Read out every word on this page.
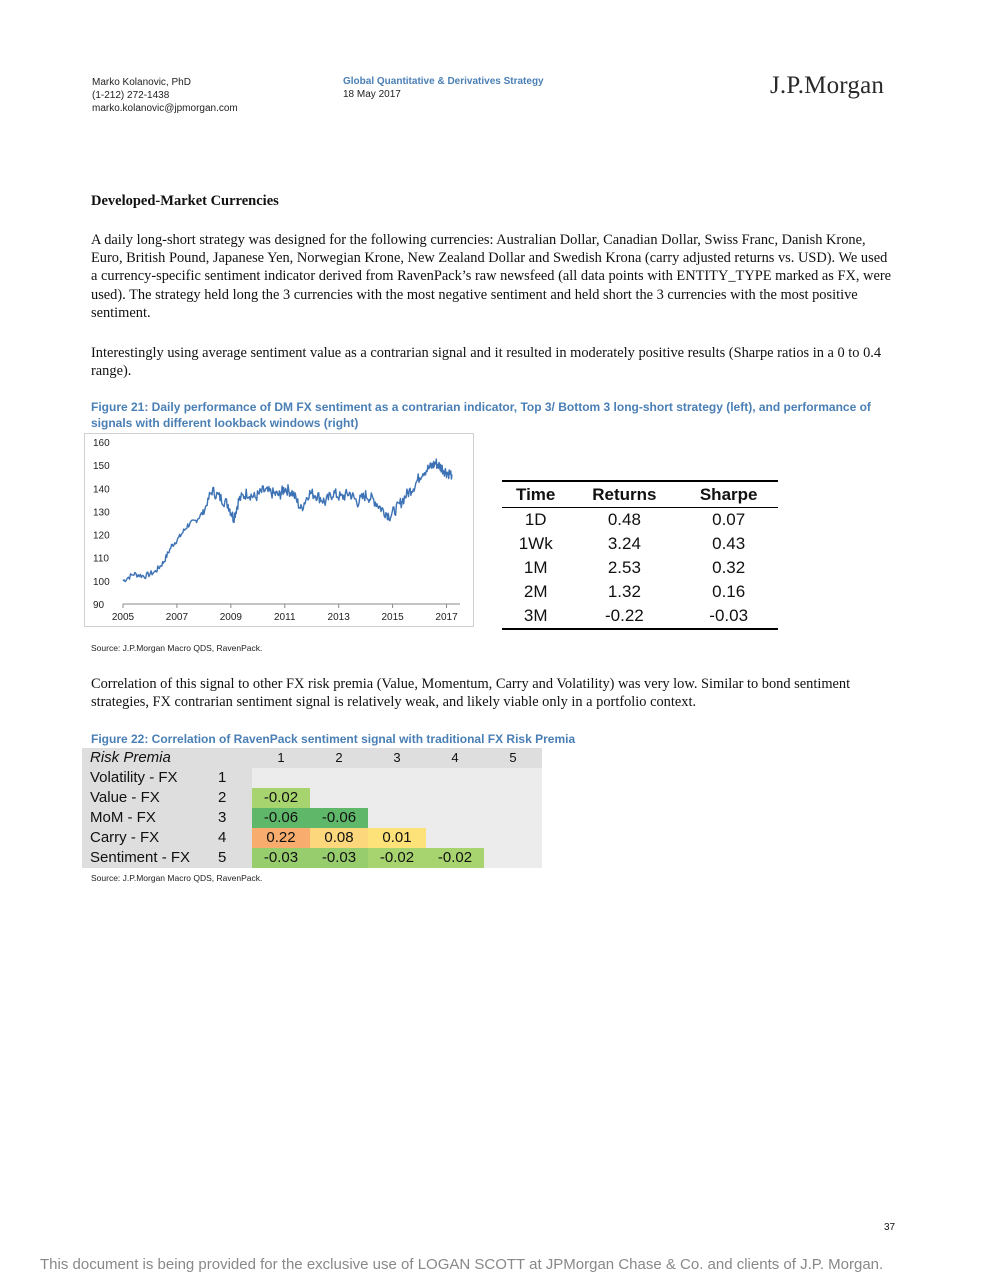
Marko Kolanovic, PhD
(1-212) 272-1438
marko.kolanovic@jpmorgan.com
Global Quantitative & Derivatives Strategy
18 May 2017	J.P.Morgan
Developed-Market Currencies

A daily long-short strategy was designed for the following currencies: Australian Dollar, Canadian Dollar, Swiss Franc, Danish Krone, Euro, British Pound, Japanese Yen, Norwegian Krone, New Zealand Dollar and Swedish Krona (carry adjusted returns vs. USD). We used a currency-specific sentiment indicator derived from RavenPack’s raw newsfeed (all data points with ENTITY_TYPE marked as FX, were used). The strategy held long the 3 currencies with the most negative sentiment and held short the 3 currencies with the most positive sentiment.

Interestingly using average sentiment value as a contrarian signal and it resulted in moderately positive results (Sharpe ratios in a 0 to 0.4 range).

Figure 21: Daily performance of DM FX sentiment as a contrarian indicator, Top 3/ Bottom 3 long-short strategy (left), and performance of signals with different lookback windows (right)
2005	2007	2009	2011	2013	2015	2017
90
100
110
120
130
140
150
160
Time	Returns	Sharpe
1D	0.48	0.07
1Wk	3.24	0.43
1M	2.53	0.32
2M	1.32	0.16
3M	-0.22	-0.03
Source: J.P.Morgan Macro QDS, RavenPack.

Correlation of this signal to other FX risk premia (Value, Momentum, Carry and Volatility) was very low. Similar to bond sentiment strategies, FX contrarian sentiment signal is relatively weak, and likely viable only in a portfolio context.

Figure 22: Correlation of RavenPack sentiment signal with traditional FX Risk Premia
Risk Premia		1	2	3	4	5
Volatility - FX	1					
Value - FX	2	-0.02				
MoM - FX	3	-0.06	-0.06			
Carry - FX	4	0.22	0.08	0.01		
Sentiment - FX	5	-0.03	-0.03	-0.02	-0.02	
Source: J.P.Morgan Macro QDS, RavenPack.
37
This document is being provided for the exclusive use of LOGAN SCOTT at JPMorgan Chase & Co. and clients of J.P. Morgan.
